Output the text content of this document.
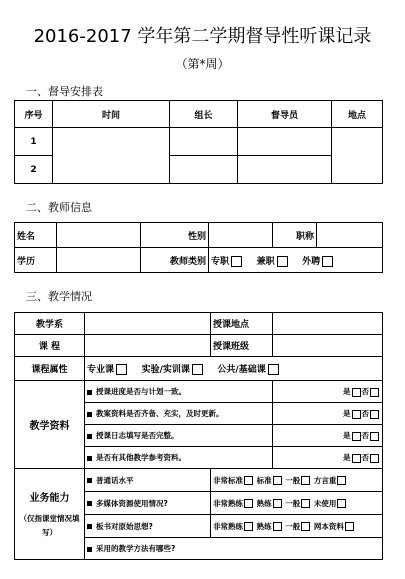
2016-2017 学年第二学期督导性听课记录
（第*周）
一、督导安排表
序号	时间	组长	督导员	地点
1				
2				
二、教师信息
姓名		性别		职称	
学历		教师类别	专职 兼职 外聘		
三、教学情况
教学系		授课地点	
课 程		授课班级	
课程属性	专业课 实验/实训课 公共/基础课		
教学资料	授课进度是否与计划一致。		是 否
	教案资料是否齐备、充实，及时更新。		是 否
	授课日志填写是否完整。		是 否
	是否有其他教学参考资料。		是 否

业务能力
（仅指课堂情况填写）	普通话水平	非常标准 标准 一般 方言重	
	多媒体资源使用情况?	非常熟练 熟练 一般 未使用	
	板书对原始思想?	非常熟练 熟练 一般 网本资料	
	采用的教学方法有哪些?		
